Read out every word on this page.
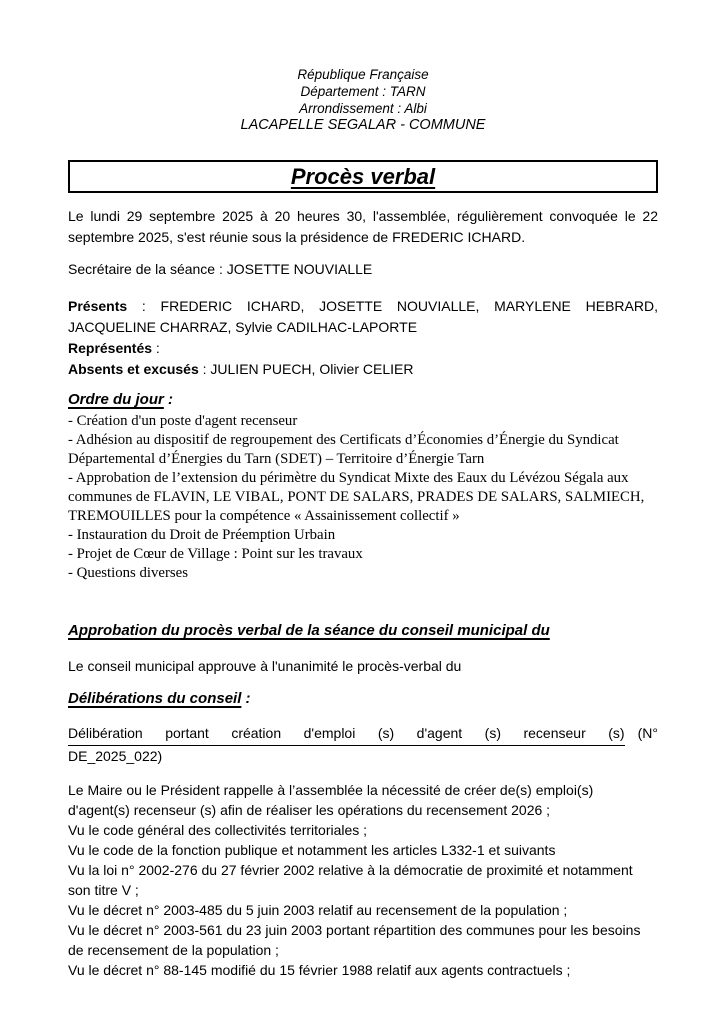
République Française
Département : TARN
Arrondissement : Albi
LACAPELLE SEGALAR - COMMUNE
Procès verbal
Le lundi 29 septembre 2025 à 20 heures 30, l'assemblée, régulièrement convoquée le 22 septembre 2025, s'est réunie sous la présidence de FREDERIC ICHARD.
Secrétaire de la séance : JOSETTE NOUVIALLE
Présents : FREDERIC ICHARD, JOSETTE NOUVIALLE, MARYLENE HEBRARD, JACQUELINE CHARRAZ, Sylvie CADILHAC-LAPORTE
Représentés :
Absents et excusés : JULIEN PUECH, Olivier CELIER
Ordre du jour :
- Création d'un poste d'agent recenseur
- Adhésion au dispositif de regroupement des Certificats d’Économies d’Énergie du Syndicat Départemental d’Énergies du Tarn (SDET) – Territoire d’Énergie Tarn
- Approbation de l’extension du périmètre du Syndicat Mixte des Eaux du Lévézou Ségala aux communes de FLAVIN, LE VIBAL, PONT DE SALARS, PRADES DE SALARS, SALMIECH, TREMOUILLES pour la compétence « Assainissement collectif »
- Instauration du Droit de Préemption Urbain
- Projet de Cœur de Village : Point sur les travaux
- Questions diverses
Approbation du procès verbal de la séance du conseil municipal du
Le conseil municipal approuve à l'unanimité le procès-verbal du
Délibérations du conseil :
Délibération portant création d'emploi (s) d'agent (s) recenseur (s) (N°
DE_2025_022)
Le Maire ou le Président rappelle à l’assemblée la nécessité de créer de(s) emploi(s) d'agent(s) recenseur (s) afin de réaliser les opérations du recensement 2026 ;
Vu le code général des collectivités territoriales ;
Vu le code de la fonction publique et notamment les articles L332-1 et suivants
Vu la loi n° 2002-276 du 27 février 2002 relative à la démocratie de proximité et notamment son titre V ;
Vu le décret n° 2003-485 du 5 juin 2003 relatif au recensement de la population ;
Vu le décret n° 2003-561 du 23 juin 2003 portant répartition des communes pour les besoins de recensement de la population ;
Vu le décret n° 88-145 modifié du 15 février 1988 relatif aux agents contractuels ;
